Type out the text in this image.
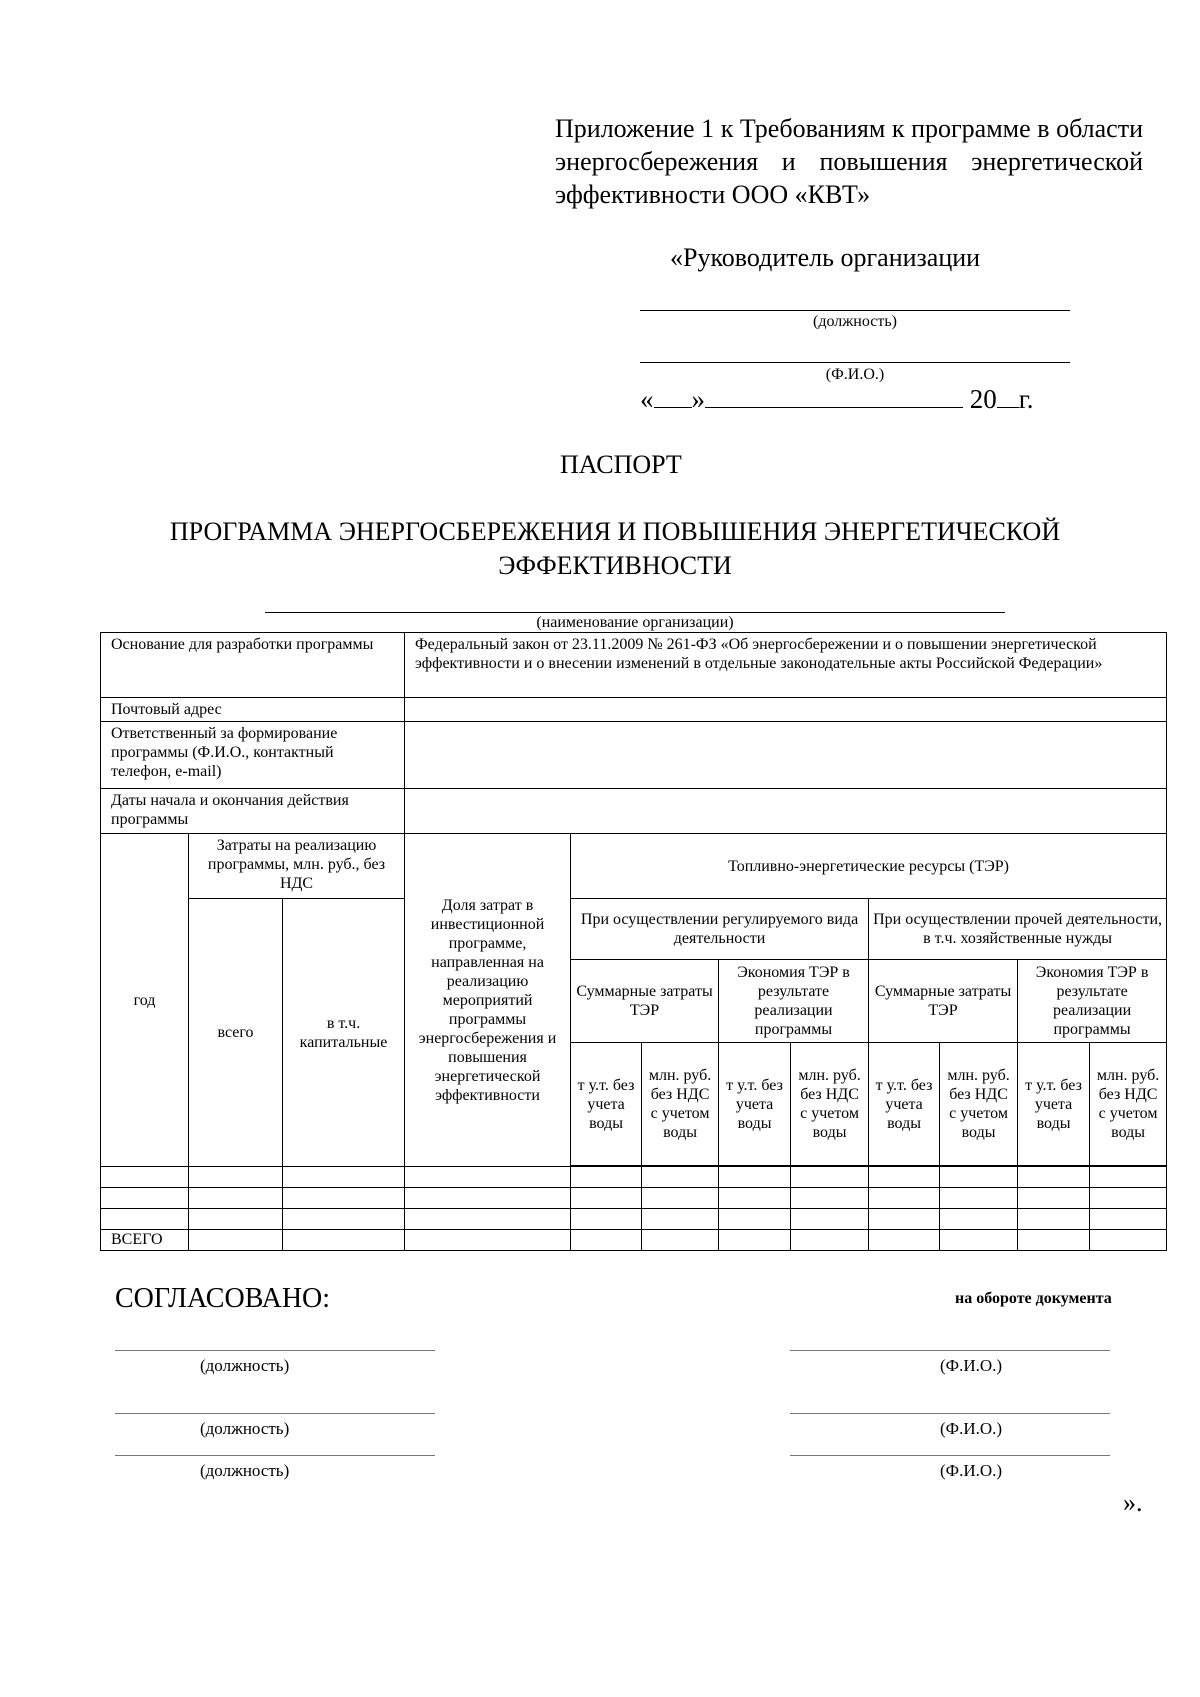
Приложение 1 к Требованиям к программе в области энергосбережения и повышения энергетической эффективности ООО «КВТ»
«Руководитель организации
(должность)
(Ф.И.О.)
« »	20 г.
ПАСПОРТ
ПРОГРАММА ЭНЕРГОСБЕРЕЖЕНИЯ И ПОВЫШЕНИЯ ЭНЕРГЕТИЧЕСКОЙ ЭФФЕКТИВНОСТИ
(наименование организации)
Основание для разработки программы			Федеральный закон от 23.11.2009 № 261-ФЗ «Об энергосбережении и о повышении энергетической эффективности и о внесении изменений в отдельные законодательные акты Российской Федерации»								
Почтовый адрес											
Ответственный за формирование программы (Ф.И.О., контактный телефон, e-mail)											
Даты начала и окончания действия программы											
год	Затраты на реализацию программы, млн. руб., без НДС		Доля затрат в инвестиционной программе, направленная на реализацию мероприятий программы энергосбережения и повышения энергетической эффективности	Топливно-энергетические ресурсы (ТЭР)							
	всего	в т.ч. капитальные		При осуществлении регулируемого вида деятельности				При осуществлении прочей деятельности, в т.ч. хозяйственные нужды			
				Суммарные затраты ТЭР		Экономия ТЭР в результате реализации программы		Суммарные затраты ТЭР		Экономия ТЭР в результате реализации программы	
				т у.т. без учета воды	млн. руб. без НДС с учетом воды	т у.т. без учета воды	млн. руб. без НДС с учетом воды	т у.т. без учета воды	млн. руб. без НДС с учетом воды	т у.т. без учета воды	млн. руб. без НДС с учетом воды

ВСЕГО											
СОГЛАСОВАНО:	на обороте документа
(должность)	(Ф.И.О.)
(должность)	(Ф.И.О.)
(должность)	(Ф.И.О.)
».
